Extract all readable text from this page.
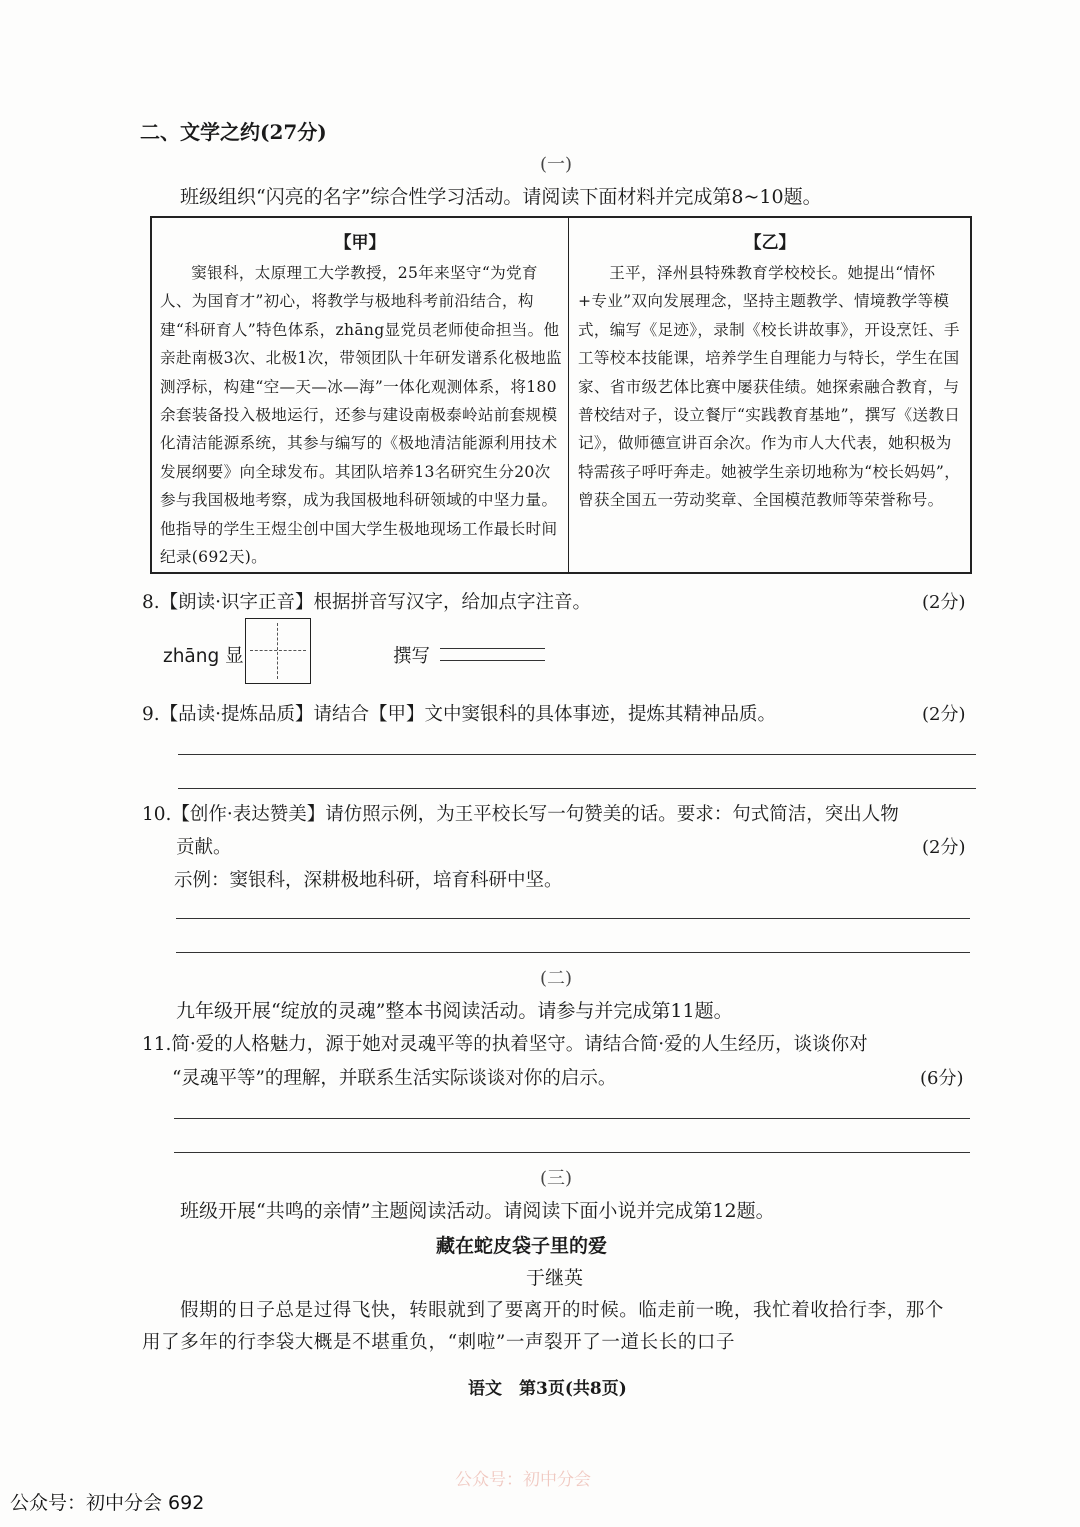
二、文学之约(27分)
(一)
班级组织“闪亮的名字”综合性学习活动。请阅读下面材料并完成第8~10题。
【甲】
窦银科，太原理工大学教授，25年来坚守“为党育人、为国育才”初心，将教学与极地科考前沿结合，构建“科研育人”特色体系，zhāng显党员老师使命担当。他亲赴南极3次、北极1次，带领团队十年研发谱系化极地监测浮标，构建“空—天—冰—海”一体化观测体系，将180余套装备投入极地运行，还参与建设南极泰岭站前套规模化清洁能源系统，其参与编写的《极地清洁能源利用技术发展纲要》向全球发布。其团队培养13名研究生分20次参与我国极地考察，成为我国极地科研领域的中坚力量。他指导的学生王煜尘创中国大学生极地现场工作最长时间纪录(692天)。
【乙】
王平，泽州县特殊教育学校校长。她提出“情怀+专业”双向发展理念，坚持主题教学、情境教学等模式，编写《足迹》，录制《校长讲故事》，开设烹饪、手工等校本技能课，培养学生自理能力与特长，学生在国家、省市级艺体比赛中屡获佳绩。她探索融合教育，与普校结对子，设立餐厅“实践教育基地”，撰写《送教日记》，做师德宣讲百余次。作为市人大代表，她积极为特需孩子呼吁奔走。她被学生亲切地称为“校长妈妈”，曾获全国五一劳动奖章、全国模范教师等荣誉称号。
8.【朗读·识字正音】根据拼音写汉字，给加点字注音。	(2分)
zhāng 显	撰写
9.【品读·提炼品质】请结合【甲】文中窦银科的具体事迹，提炼其精神品质。	(2分)
10.【创作·表达赞美】请仿照示例，为王平校长写一句赞美的话。要求：句式简洁，突出人物
贡献。	(2分)
示例：窦银科，深耕极地科研，培育科研中坚。
(二)
九年级开展“绽放的灵魂”整本书阅读活动。请参与并完成第11题。
11.简·爱的人格魅力，源于她对灵魂平等的执着坚守。请结合简·爱的人生经历，谈谈你对
“灵魂平等”的理解，并联系生活实际谈谈对你的启示。	(6分)
(三)
班级开展“共鸣的亲情”主题阅读活动。请阅读下面小说并完成第12题。
藏在蛇皮袋子里的爱
于继英
假期的日子总是过得飞快，转眼就到了要离开的时候。临走前一晚，我忙着收拾行李，那个
用了多年的行李袋大概是不堪重负，“刺啦”一声裂开了一道长长的口子
语文　第3页(共8页)
公众号：初中分会
公众号：初中分会 692
